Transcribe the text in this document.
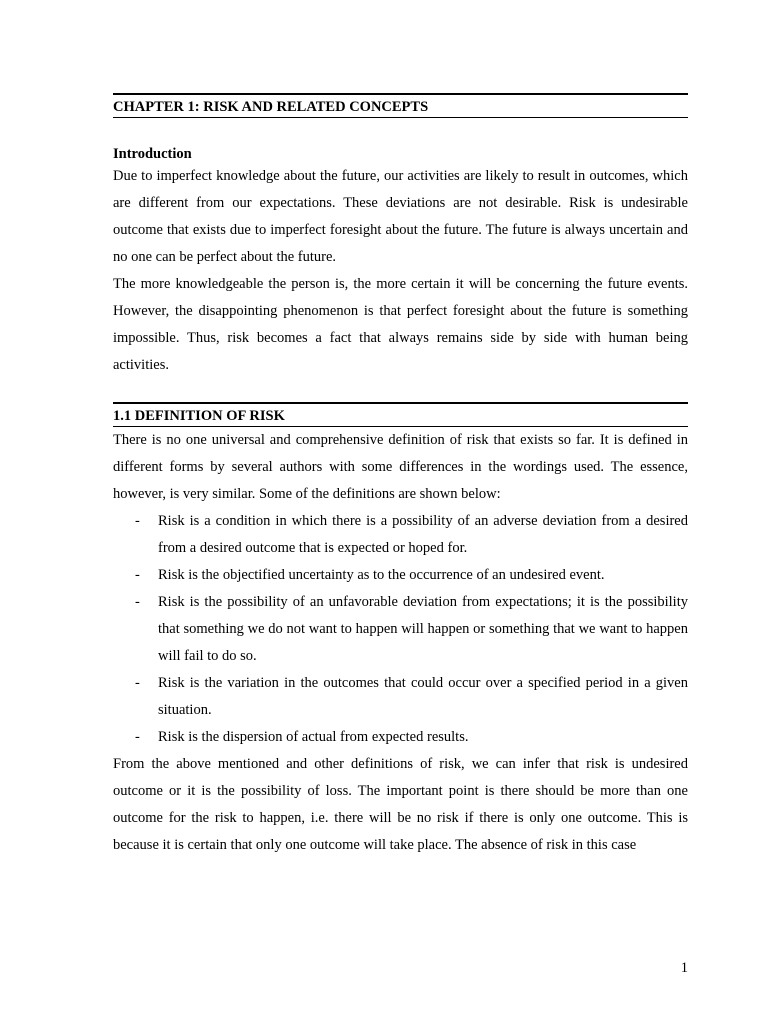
CHAPTER 1: RISK AND RELATED CONCEPTS
Introduction

Due to imperfect knowledge about the future, our activities are likely to result in outcomes, which are different from our expectations. These deviations are not desirable. Risk is undesirable outcome that exists due to imperfect foresight about the future. The future is always uncertain and no one can be perfect about the future.

The more knowledgeable the person is, the more certain it will be concerning the future events. However, the disappointing phenomenon is that perfect foresight about the future is something impossible. Thus, risk becomes a fact that always remains side by side with human being activities.

1.1 DEFINITION OF RISK

There is no one universal and comprehensive definition of risk that exists so far. It is defined in different forms by several authors with some differences in the wordings used. The essence, however, is very similar. Some of the definitions are shown below:

- Risk is a condition in which there is a possibility of an adverse deviation from a desired from a desired outcome that is expected or hoped for.
- Risk is the objectified uncertainty as to the occurrence of an undesired event.
- Risk is the possibility of an unfavorable deviation from expectations; it is the possibility that something we do not want to happen will happen or something that we want to happen will fail to do so.
- Risk is the variation in the outcomes that could occur over a specified period in a given situation.
- Risk is the dispersion of actual from expected results.

From the above mentioned and other definitions of risk, we can infer that risk is undesired outcome or it is the possibility of loss. The important point is there should be more than one outcome for the risk to happen, i.e. there will be no risk if there is only one outcome. This is because it is certain that only one outcome will take place. The absence of risk in this case

1
